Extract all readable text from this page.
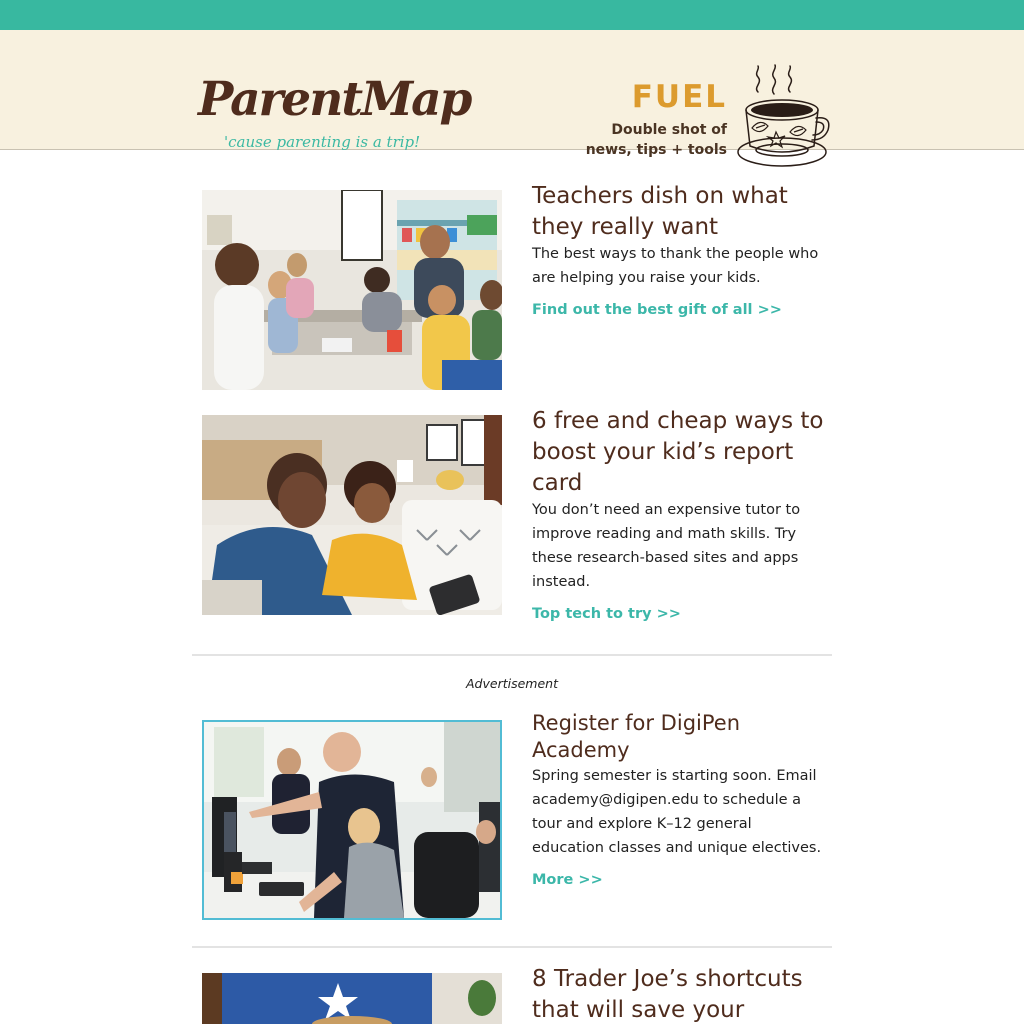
ParentMap
'cause parenting is a trip!
FUEL
Double shot of
news, tips + tools
Teachers dish on what they really want
The best ways to thank the people who are helping you raise your kids.
Find out the best gift of all >>
6 free and cheap ways to boost your kid’s report card
You don’t need an expensive tutor to improve reading and math skills. Try these research-based sites and apps instead.
Top tech to try >>
Advertisement
Register for DigiPen Academy
Spring semester is starting soon. Email academy@digipen.edu to schedule a tour and explore K–12 general education classes and unique electives.
More >>
8 Trader Joe’s shortcuts that will save your
